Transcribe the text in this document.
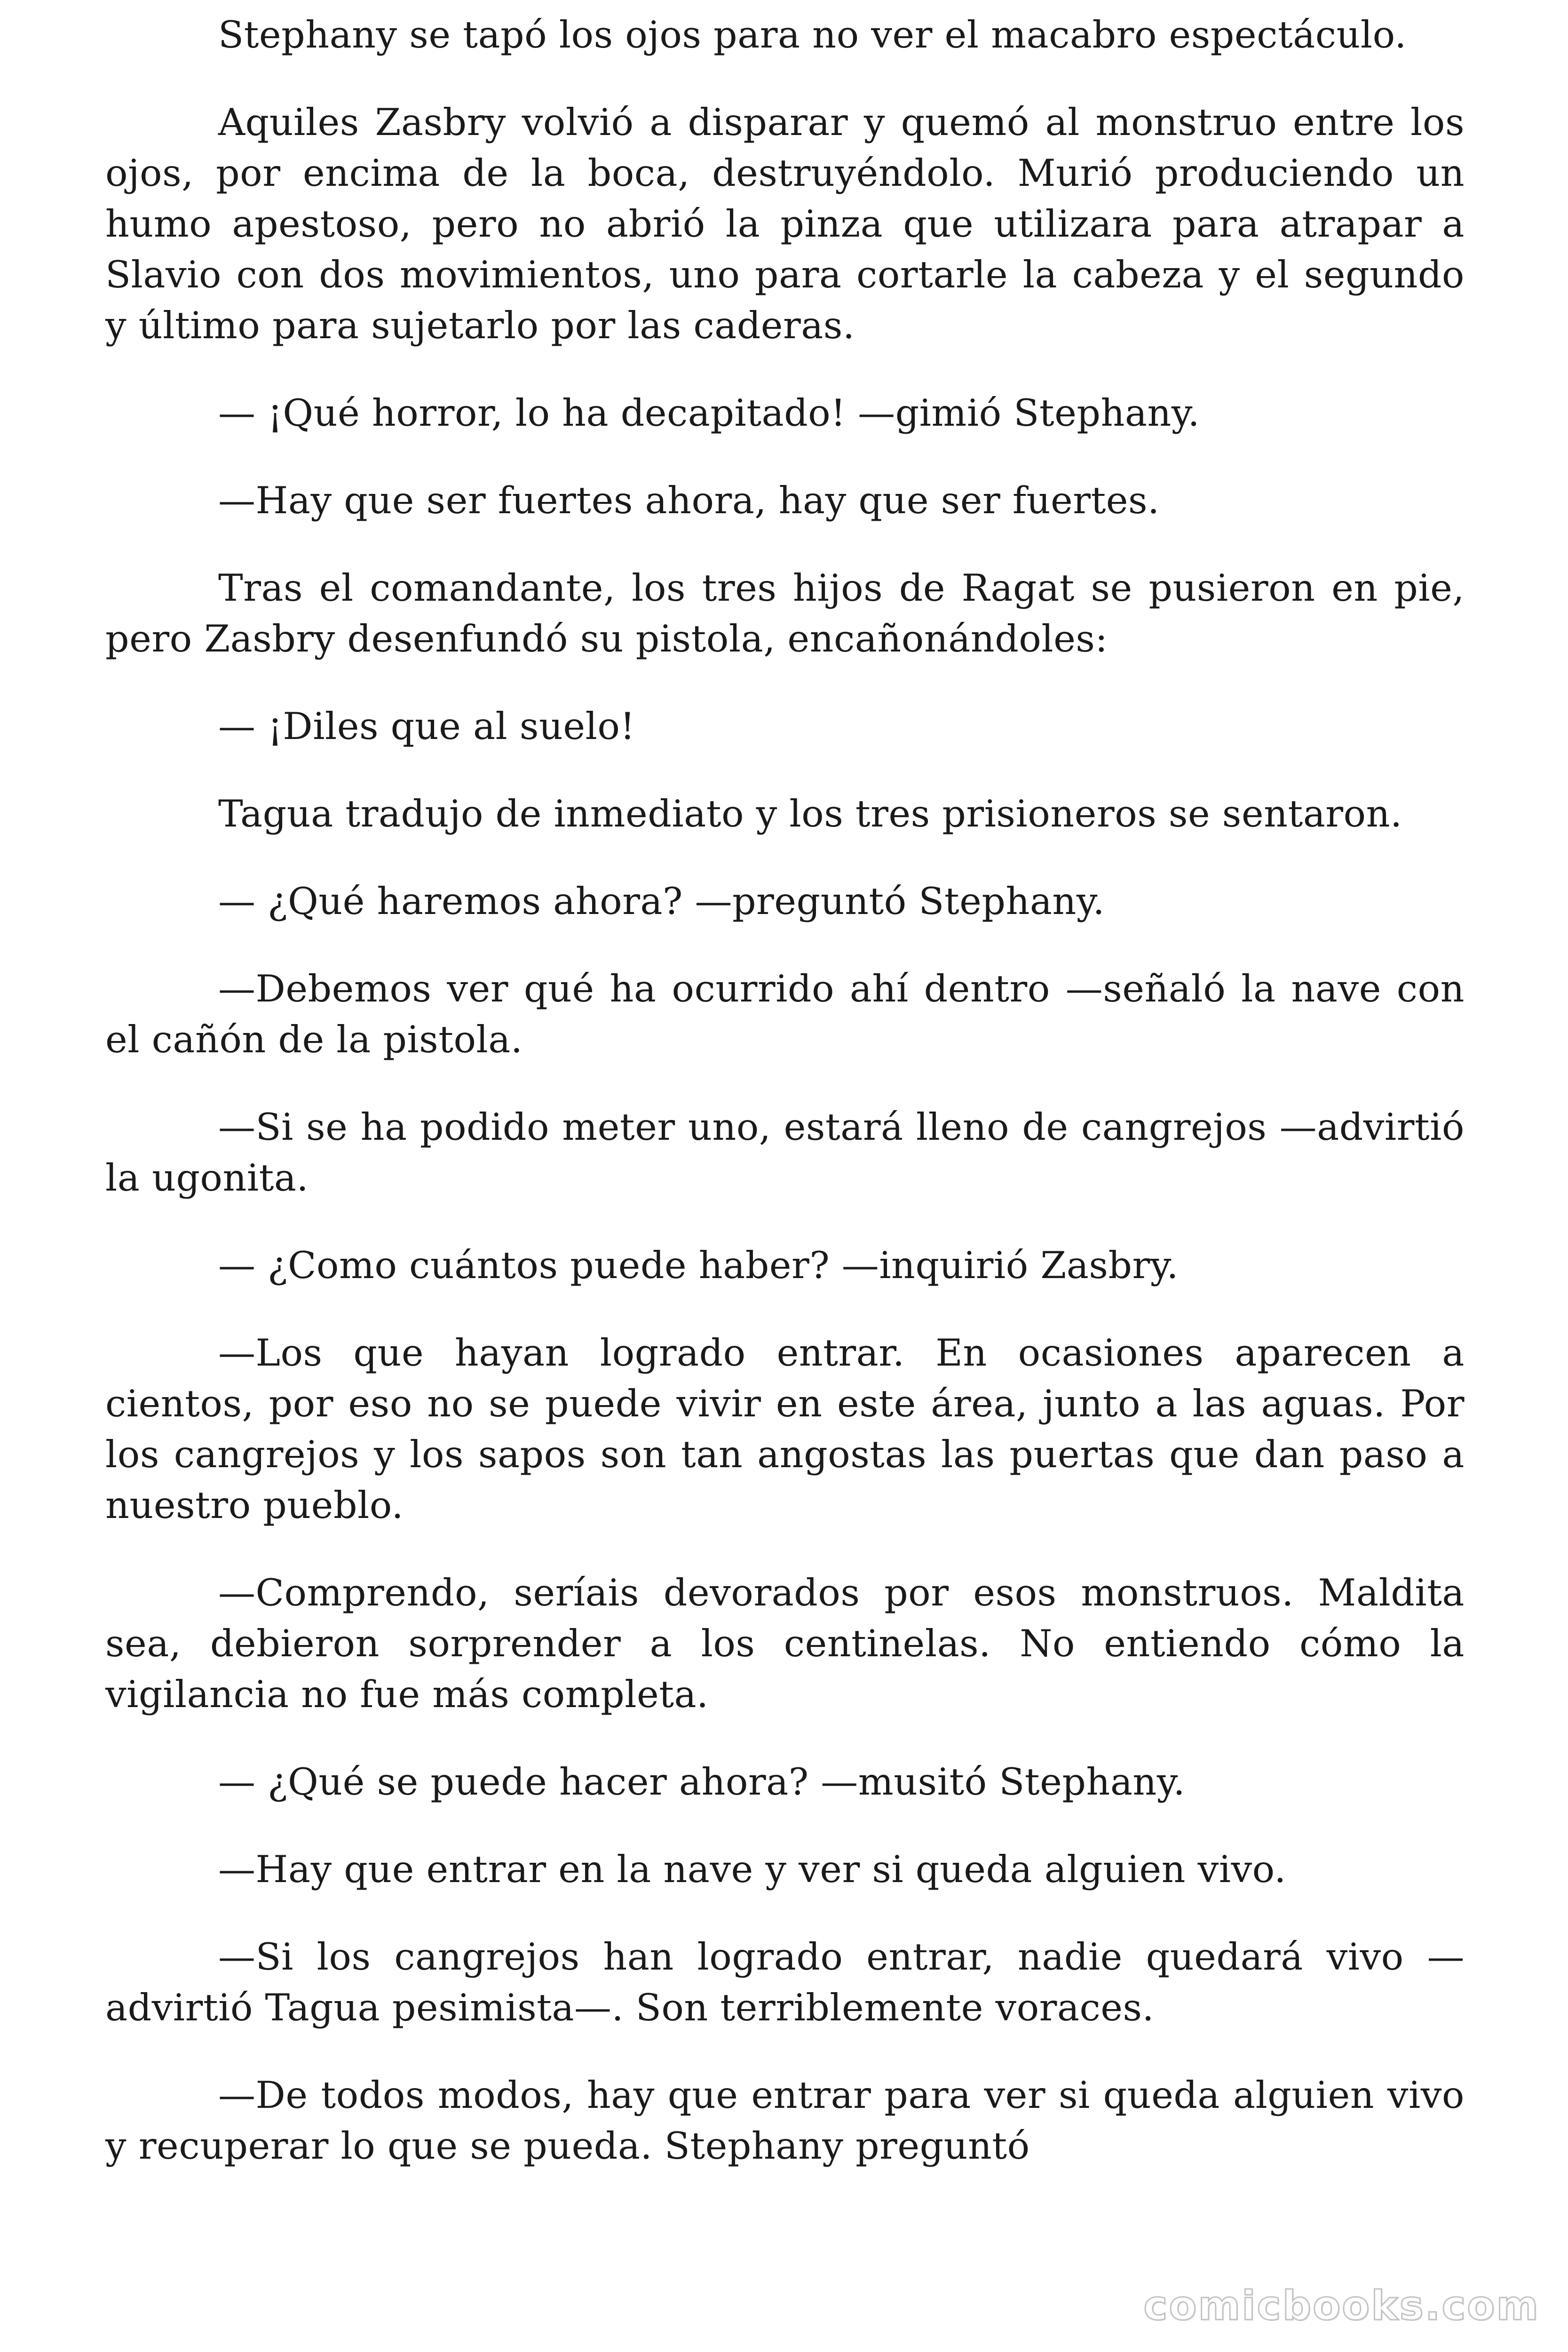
Stephany se tapó los ojos para no ver el macabro espectáculo.

Aquiles Zasbry volvió a disparar y quemó al monstruo entre los ojos, por encima de la boca, destruyéndolo. Murió produciendo un humo apestoso, pero no abrió la pinza que utilizara para atrapar a Slavio con dos movimientos, uno para cortarle la cabeza y el segundo y último para sujetarlo por las caderas.

— ¡Qué horror, lo ha decapitado! —gimió Stephany.

—Hay que ser fuertes ahora, hay que ser fuertes.

Tras el comandante, los tres hijos de Ragat se pusieron en pie, pero Zasbry desenfundó su pistola, encañonándoles:

— ¡Diles que al suelo!

Tagua tradujo de inmediato y los tres prisioneros se sentaron.

— ¿Qué haremos ahora? —preguntó Stephany.

—Debemos ver qué ha ocurrido ahí dentro —señaló la nave con el cañón de la pistola.

—Si se ha podido meter uno, estará lleno de cangrejos —advirtió la ugonita.

— ¿Como cuántos puede haber? —inquirió Zasbry.

—Los que hayan logrado entrar. En ocasiones aparecen a cientos, por eso no se puede vivir en este área, junto a las aguas. Por los cangrejos y los sapos son tan angostas las puertas que dan paso a nuestro pueblo.

—Comprendo, seríais devorados por esos monstruos. Maldita sea, debieron sorprender a los centinelas. No entiendo cómo la vigilancia no fue más completa.

— ¿Qué se puede hacer ahora? —musitó Stephany.

—Hay que entrar en la nave y ver si queda alguien vivo.

—Si los cangrejos han logrado entrar, nadie quedará vivo —advirtió Tagua pesimista—. Son terriblemente voraces.

—De todos modos, hay que entrar para ver si queda alguien vivo y recuperar lo que se pueda. Stephany preguntó

comicbooks.com
